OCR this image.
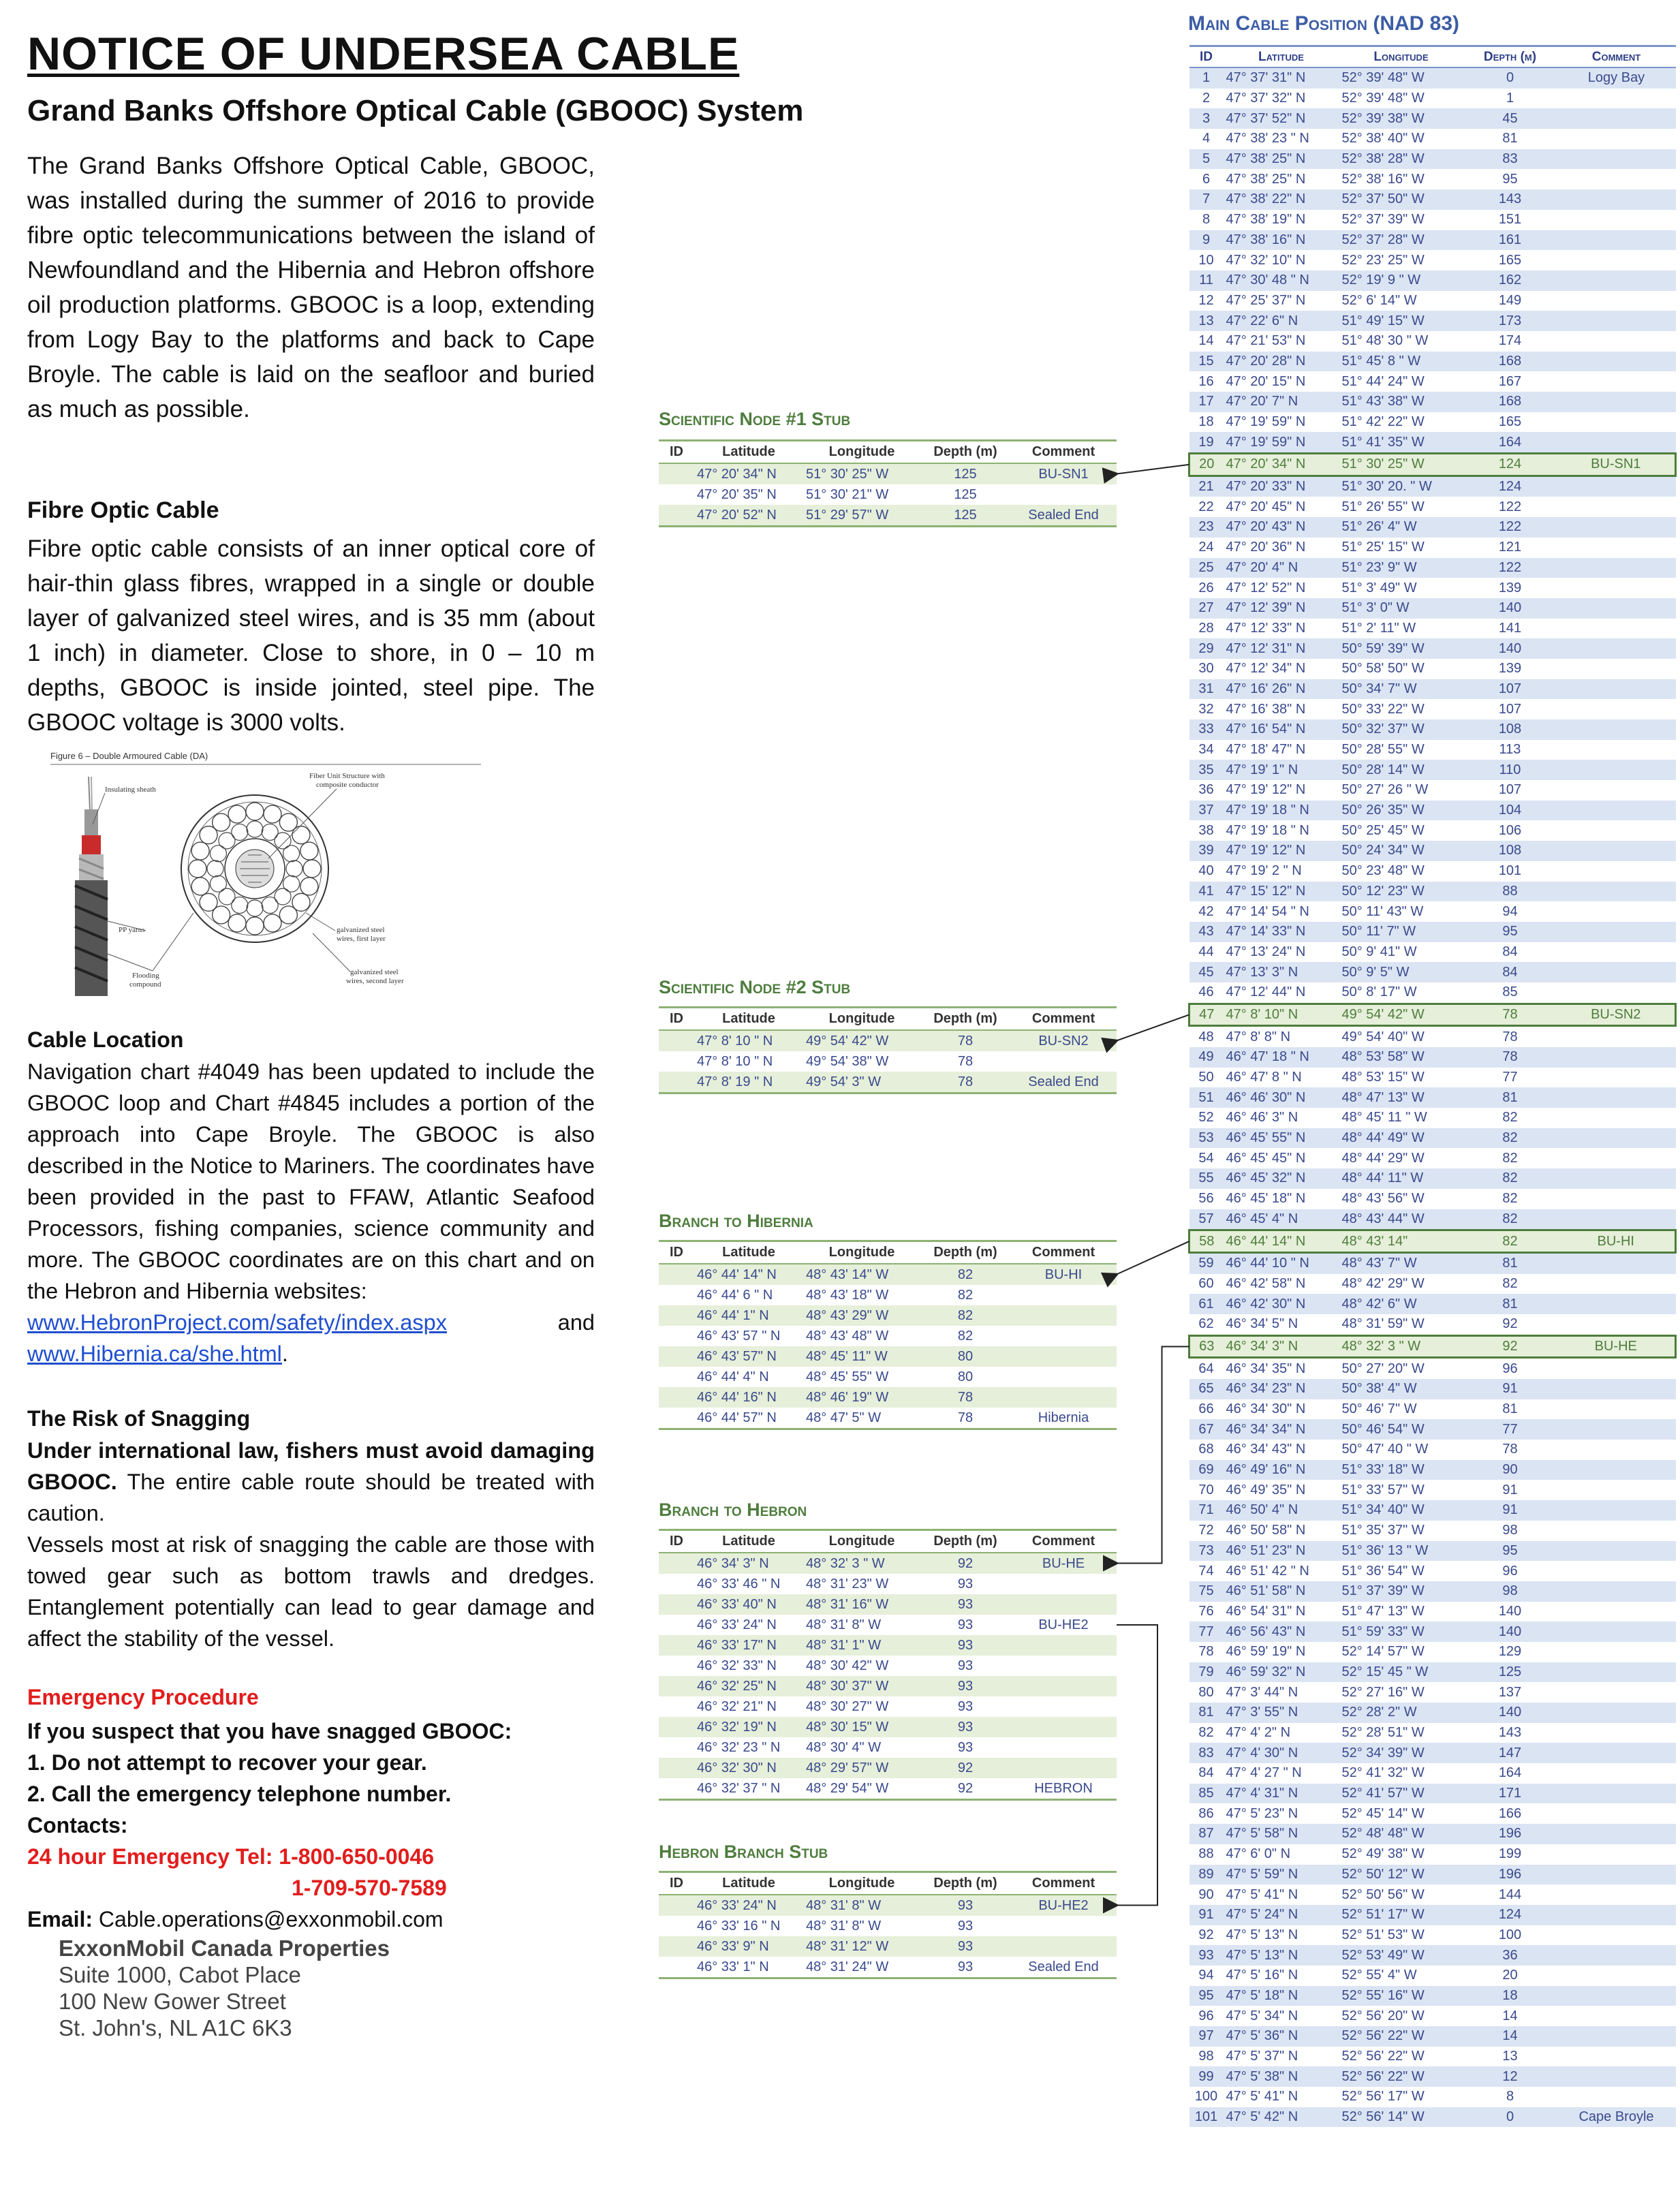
NOTICE OF UNDERSEA CABLE
Grand Banks Offshore Optical Cable (GBOOC) System
The Grand Banks Offshore Optical Cable, GBOOC, was installed during the summer of 2016 to provide fibre optic telecommunications between the island of Newfoundland and the Hibernia and Hebron offshore oil production platforms. GBOOC is a loop, extending from Logy Bay to the platforms and back to Cape Broyle. The cable is laid on the seafloor and buried as much as possible.
Fibre Optic Cable
Fibre optic cable consists of an inner optical core of hair-thin glass fibres, wrapped in a single or double layer of galvanized steel wires, and is 35 mm (about 1 inch) in diameter. Close to shore, in 0 – 10 m depths, GBOOC is inside jointed, steel pipe. The GBOOC voltage is 3000 volts.
Figure 6 – Double Armoured Cable (DA)
Insulating sheath
Fiber Unit Structure with
composite conductor
PP yarns
Flooding
compound
galvanized steel
wires, first layer
galvanized steel
wires, second layer
Cable Location
Navigation chart #4049 has been updated to include the GBOOC loop and Chart #4845 includes a portion of the approach into Cape Broyle. The GBOOC is also described in the Notice to Mariners. The coordinates have been provided in the past to FFAW, Atlantic Seafood Processors, fishing companies, science community and more. The GBOOC coordinates are on this chart and on the Hebron and Hibernia websites:
www.HebronProject.com/safety/index.aspx	and
www.Hibernia.ca/she.html.
The Risk of Snagging
Under international law, fishers must avoid damaging GBOOC. The entire cable route should be treated with caution.
Vessels most at risk of snagging the cable are those with towed gear such as bottom trawls and dredges. Entanglement potentially can lead to gear damage and affect the stability of the vessel.
Emergency Procedure
If you suspect that you have snagged GBOOC:
1. Do not attempt to recover your gear.
2. Call the emergency telephone number.
Contacts:
24 hour Emergency Tel: 1-800-650-0046
1-709-570-7589
Email: Cable.operations@exxonmobil.com
ExxonMobil Canada Properties
Suite 1000, Cabot Place
100 New Gower Street
St. John's, NL A1C 6K3
Scientific Node #1 Stub
ID	Latitude	Longitude	Depth (m)	Comment
	47° 20' 34" N	51° 30' 25" W	125	BU-SN1
	47° 20' 35" N	51° 30' 21" W	125	
	47° 20' 52" N	51° 29' 57" W	125	Sealed End
Scientific Node #2 Stub
ID	Latitude	Longitude	Depth (m)	Comment
	47° 8' 10 " N	49° 54' 42" W	78	BU-SN2
	47° 8' 10 " N	49° 54' 38" W	78	
	47° 8' 19 " N	49° 54' 3" W	78	Sealed End
Branch to Hibernia
ID	Latitude	Longitude	Depth (m)	Comment
	46° 44' 14" N	48° 43' 14" W	82	BU-HI
	46° 44' 6 " N	48° 43' 18" W	82	
	46° 44' 1" N	48° 43' 29" W	82	
	46° 43' 57 " N	48° 43' 48" W	82	
	46° 43' 57" N	48° 45' 11" W	80	
	46° 44' 4" N	48° 45' 55" W	80	
	46° 44' 16" N	48° 46' 19" W	78	
	46° 44' 57" N	48° 47' 5" W	78	Hibernia
Branch to Hebron
ID	Latitude	Longitude	Depth (m)	Comment
	46° 34' 3" N	48° 32' 3 " W	92	BU-HE
	46° 33' 46 " N	48° 31' 23" W	93	
	46° 33' 40" N	48° 31' 16" W	93	
	46° 33' 24" N	48° 31' 8" W	93	BU-HE2
	46° 33' 17" N	48° 31' 1" W	93	
	46° 32' 33" N	48° 30' 42" W	93	
	46° 32' 25" N	48° 30' 37" W	93	
	46° 32' 21" N	48° 30' 27" W	93	
	46° 32' 19" N	48° 30' 15" W	93	
	46° 32' 23 " N	48° 30' 4" W	93	
	46° 32' 30" N	48° 29' 57" W	92	
	46° 32' 37 " N	48° 29' 54" W	92	HEBRON
Hebron Branch Stub
ID	Latitude	Longitude	Depth (m)	Comment
	46° 33' 24" N	48° 31' 8" W	93	BU-HE2
	46° 33' 16 " N	48° 31' 8" W	93	
	46° 33' 9" N	48° 31' 12" W	93	
	46° 33' 1" N	48° 31' 24" W	93	Sealed End
Main Cable Position (NAD 83)
ID	Latitude	Longitude	Depth (m)	Comment
1	47° 37' 31" N	52° 39' 48" W	0	Logy Bay
2	47° 37' 32" N	52° 39' 48" W	1	
3	47° 37' 52" N	52° 39' 38" W	45	
4	47° 38' 23 " N	52° 38' 40" W	81	
5	47° 38' 25" N	52° 38' 28" W	83	
6	47° 38' 25" N	52° 38' 16" W	95	
7	47° 38' 22" N	52° 37' 50" W	143	
8	47° 38' 19" N	52° 37' 39" W	151	
9	47° 38' 16" N	52° 37' 28" W	161	
10	47° 32' 10" N	52° 23' 25" W	165	
11	47° 30' 48 " N	52° 19' 9 " W	162	
12	47° 25' 37" N	52° 6' 14" W	149	
13	47° 22' 6" N	51° 49' 15" W	173	
14	47° 21' 53" N	51° 48' 30 " W	174	
15	47° 20' 28" N	51° 45' 8 " W	168	
16	47° 20' 15" N	51° 44' 24" W	167	
17	47° 20' 7" N	51° 43' 38" W	168	
18	47° 19' 59" N	51° 42' 22" W	165	
19	47° 19' 59" N	51° 41' 35" W	164	
20	47° 20' 34" N	51° 30' 25" W	124	BU-SN1
21	47° 20' 33" N	51° 30' 20. " W	124	
22	47° 20' 45" N	51° 26' 55" W	122	
23	47° 20' 43" N	51° 26' 4" W	122	
24	47° 20' 36" N	51° 25' 15" W	121	
25	47° 20' 4" N	51° 23' 9" W	122	
26	47° 12' 52" N	51° 3' 49" W	139	
27	47° 12' 39" N	51° 3' 0" W	140	
28	47° 12' 33" N	51° 2' 11" W	141	
29	47° 12' 31" N	50° 59' 39" W	140	
30	47° 12' 34" N	50° 58' 50" W	139	
31	47° 16' 26" N	50° 34' 7" W	107	
32	47° 16' 38" N	50° 33' 22" W	107	
33	47° 16' 54" N	50° 32' 37" W	108	
34	47° 18' 47" N	50° 28' 55" W	113	
35	47° 19' 1" N	50° 28' 14" W	110	
36	47° 19' 12" N	50° 27' 26 " W	107	
37	47° 19' 18 " N	50° 26' 35" W	104	
38	47° 19' 18 " N	50° 25' 45" W	106	
39	47° 19' 12" N	50° 24' 34" W	108	
40	47° 19' 2 " N	50° 23' 48" W	101	
41	47° 15' 12" N	50° 12' 23" W	88	
42	47° 14' 54 " N	50° 11' 43" W	94	
43	47° 14' 33" N	50° 11' 7" W	95	
44	47° 13' 24" N	50° 9' 41" W	84	
45	47° 13' 3" N	50° 9' 5" W	84	
46	47° 12' 44" N	50° 8' 17" W	85	
47	47° 8' 10" N	49° 54' 42" W	78	BU-SN2
48	47° 8' 8" N	49° 54' 40" W	78	
49	46° 47' 18 " N	48° 53' 58" W	78	
50	46° 47' 8 " N	48° 53' 15" W	77	
51	46° 46' 30" N	48° 47' 13" W	81	
52	46° 46' 3" N	48° 45' 11 " W	82	
53	46° 45' 55" N	48° 44' 49" W	82	
54	46° 45' 45" N	48° 44' 29" W	82	
55	46° 45' 32" N	48° 44' 11" W	82	
56	46° 45' 18" N	48° 43' 56" W	82	
57	46° 45' 4" N	48° 43' 44" W	82	
58	46° 44' 14" N	48° 43' 14"	82	BU-HI
59	46° 44' 10 " N	48° 43' 7" W	81	
60	46° 42' 58" N	48° 42' 29" W	82	
61	46° 42' 30" N	48° 42' 6" W	81	
62	46° 34' 5" N	48° 31' 59" W	92	
63	46° 34' 3" N	48° 32' 3 " W	92	BU-HE
64	46° 34' 35" N	50° 27' 20" W	96	
65	46° 34' 23" N	50° 38' 4" W	91	
66	46° 34' 30" N	50° 46' 7" W	81	
67	46° 34' 34" N	50° 46' 54" W	77	
68	46° 34' 43" N	50° 47' 40 " W	78	
69	46° 49' 16" N	51° 33' 18" W	90	
70	46° 49' 35" N	51° 33' 57" W	91	
71	46° 50' 4" N	51° 34' 40" W	91	
72	46° 50' 58" N	51° 35' 37" W	98	
73	46° 51' 23" N	51° 36' 13 " W	95	
74	46° 51' 42 " N	51° 36' 54" W	96	
75	46° 51' 58" N	51° 37' 39" W	98	
76	46° 54' 31" N	51° 47' 13" W	140	
77	46° 56' 43" N	51° 59' 33" W	140	
78	46° 59' 19" N	52° 14' 57" W	129	
79	46° 59' 32" N	52° 15' 45 " W	125	
80	47° 3' 44" N	52° 27' 16" W	137	
81	47° 3' 55" N	52° 28' 2" W	140	
82	47° 4' 2" N	52° 28' 51" W	143	
83	47° 4' 30" N	52° 34' 39" W	147	
84	47° 4' 27 " N	52° 41' 32" W	164	
85	47° 4' 31" N	52° 41' 57" W	171	
86	47° 5' 23" N	52° 45' 14" W	166	
87	47° 5' 58" N	52° 48' 48" W	196	
88	47° 6' 0" N	52° 49' 38" W	199	
89	47° 5' 59" N	52° 50' 12" W	196	
90	47° 5' 41" N	52° 50' 56" W	144	
91	47° 5' 24" N	52° 51' 17" W	124	
92	47° 5' 13" N	52° 51' 53" W	100	
93	47° 5' 13" N	52° 53' 49" W	36	
94	47° 5' 16" N	52° 55' 4" W	20	
95	47° 5' 18" N	52° 55' 16" W	18	
96	47° 5' 34" N	52° 56' 20" W	14	
97	47° 5' 36" N	52° 56' 22" W	14	
98	47° 5' 37" N	52° 56' 22" W	13	
99	47° 5' 38" N	52° 56' 22" W	12	
100	47° 5' 41" N	52° 56' 17" W	8	
101	47° 5' 42" N	52° 56' 14" W	0	Cape Broyle
